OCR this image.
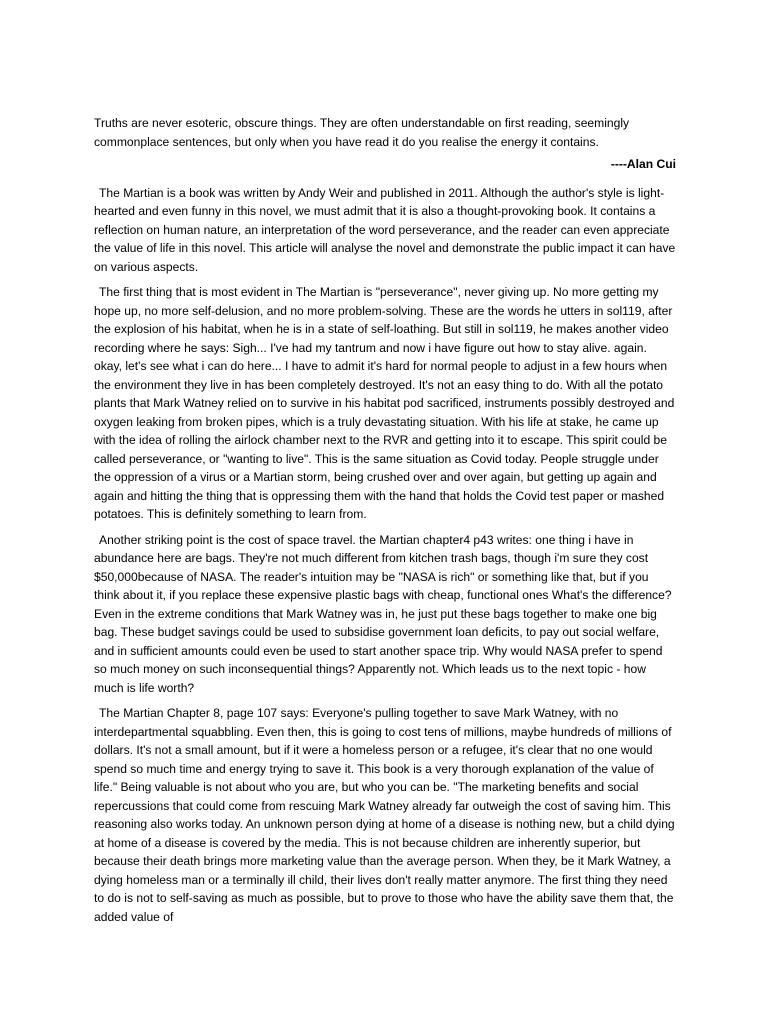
Truths are never esoteric, obscure things. They are often understandable on first reading, seemingly commonplace sentences, but only when you have read it do you realise the energy it contains.

----Alan Cui

The Martian is a book was written by Andy Weir and published in 2011. Although the author's style is light-hearted and even funny in this novel, we must admit that it is also a thought-provoking book. It contains a reflection on human nature, an interpretation of the word perseverance, and the reader can even appreciate the value of life in this novel. This article will analyse the novel and demonstrate the public impact it can have on various aspects.

The first thing that is most evident in The Martian is "perseverance", never giving up. No more getting my hope up, no more self-delusion, and no more problem-solving. These are the words he utters in sol119, after the explosion of his habitat, when he is in a state of self-loathing. But still in sol119, he makes another video recording where he says: Sigh... I've had my tantrum and now i have figure out how to stay alive. again. okay, let's see what i can do here... I have to admit it's hard for normal people to adjust in a few hours when the environment they live in has been completely destroyed. It's not an easy thing to do. With all the potato plants that Mark Watney relied on to survive in his habitat pod sacrificed, instruments possibly destroyed and oxygen leaking from broken pipes, which is a truly devastating situation. With his life at stake, he came up with the idea of rolling the airlock chamber next to the RVR and getting into it to escape. This spirit could be called perseverance, or "wanting to live". This is the same situation as Covid today. People struggle under the oppression of a virus or a Martian storm, being crushed over and over again, but getting up again and again and hitting the thing that is oppressing them with the hand that holds the Covid test paper or mashed potatoes. This is definitely something to learn from.

Another striking point is the cost of space travel. the Martian chapter4 p43 writes: one thing i have in abundance here are bags. They're not much different from kitchen trash bags, though i'm sure they cost $50,000because of NASA. The reader's intuition may be "NASA is rich" or something like that, but if you think about it, if you replace these expensive plastic bags with cheap, functional ones What's the difference? Even in the extreme conditions that Mark Watney was in, he just put these bags together to make one big bag. These budget savings could be used to subsidise government loan deficits, to pay out social welfare, and in sufficient amounts could even be used to start another space trip. Why would NASA prefer to spend so much money on such inconsequential things? Apparently not. Which leads us to the next topic - how much is life worth?

The Martian Chapter 8, page 107 says: Everyone's pulling together to save Mark Watney, with no interdepartmental squabbling. Even then, this is going to cost tens of millions, maybe hundreds of millions of dollars. It's not a small amount, but if it were a homeless person or a refugee, it's clear that no one would spend so much time and energy trying to save it. This book is a very thorough explanation of the value of life." Being valuable is not about who you are, but who you can be. "The marketing benefits and social repercussions that could come from rescuing Mark Watney already far outweigh the cost of saving him. This reasoning also works today. An unknown person dying at home of a disease is nothing new, but a child dying at home of a disease is covered by the media. This is not because children are inherently superior, but because their death brings more marketing value than the average person. When they, be it Mark Watney, a dying homeless man or a terminally ill child, their lives don't really matter anymore. The first thing they need to do is not to self-saving as much as possible, but to prove to those who have the ability save them that, the added value of
